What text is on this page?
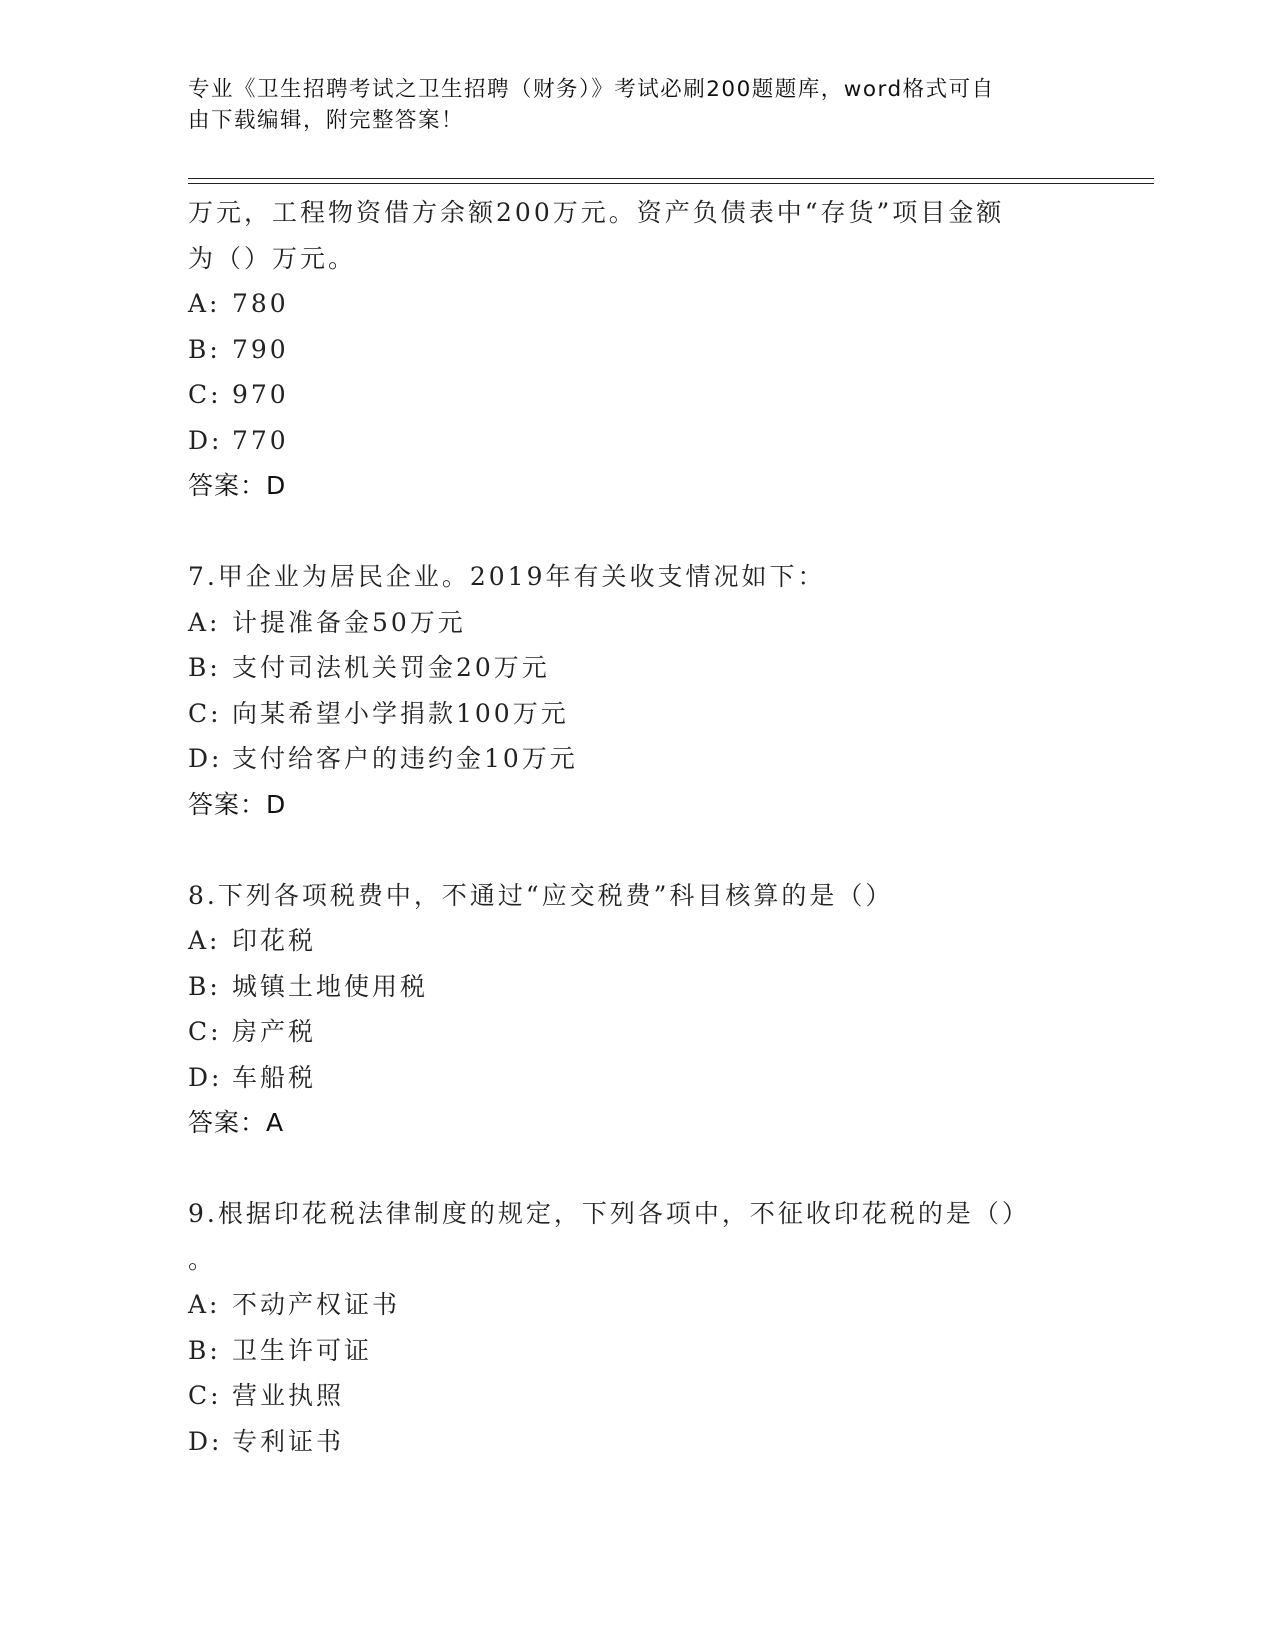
专业《卫生招聘考试之卫生招聘（财务）》考试必刷200题题库，word格式可自
由下载编辑，附完整答案！
万元，工程物资借方余额200万元。资产负债表中“存货”项目金额
为（）万元。
A: 780
B: 790
C: 970
D: 770
答案：D
7.甲企业为居民企业。2019年有关收支情况如下：
A: 计提准备金50万元
B: 支付司法机关罚金20万元
C: 向某希望小学捐款100万元
D: 支付给客户的违约金10万元
答案：D
8.下列各项税费中，不通过“应交税费”科目核算的是（）
A: 印花税
B: 城镇土地使用税
C: 房产税
D: 车船税
答案：A
9.根据印花税法律制度的规定，下列各项中，不征收印花税的是（）
。
A: 不动产权证书
B: 卫生许可证
C: 营业执照
D: 专利证书
